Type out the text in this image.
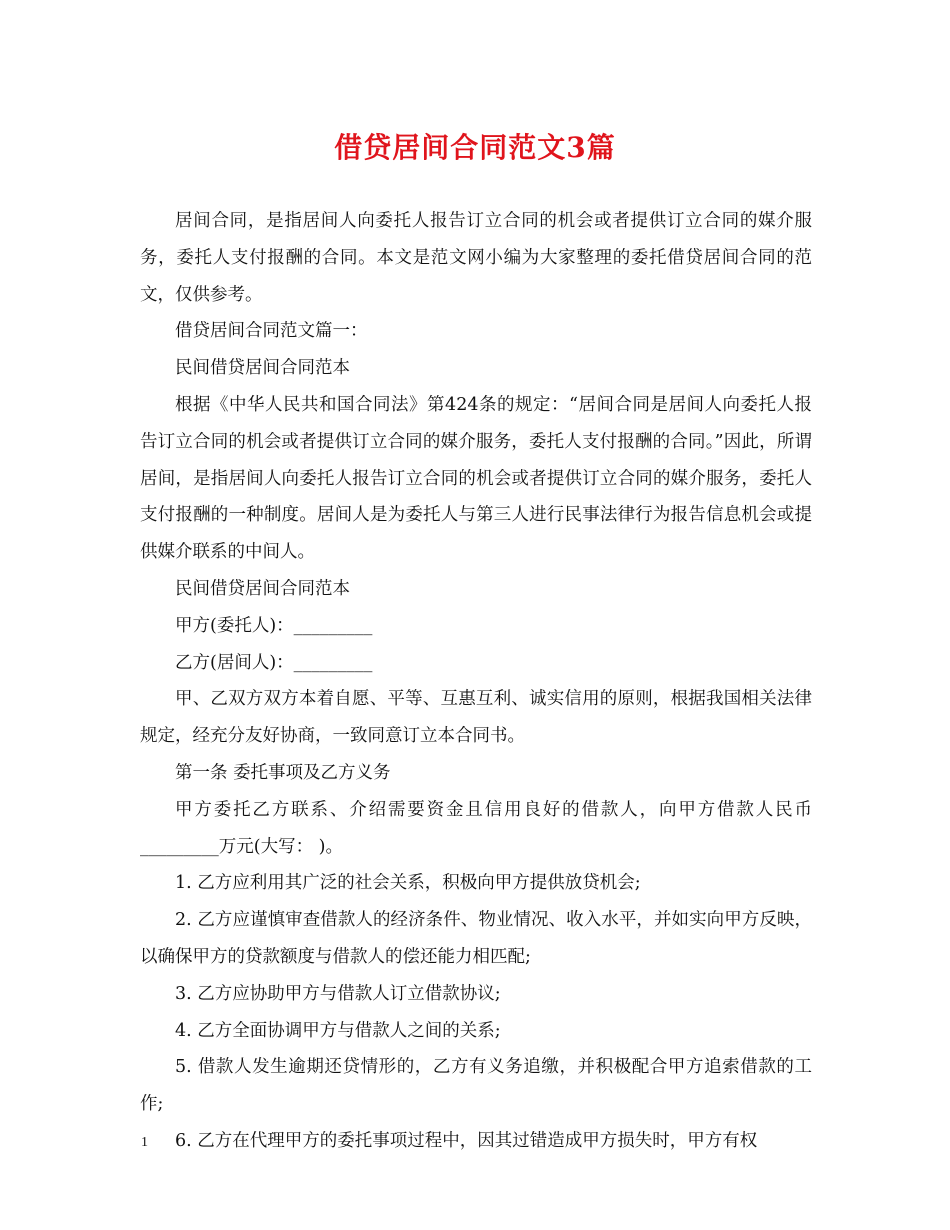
借贷居间合同范文3篇

居间合同，是指居间人向委托人报告订立合同的机会或者提供订立合同的媒介服务，委托人支付报酬的合同。本文是范文网小编为大家整理的委托借贷居间合同的范文，仅供参考。

借贷居间合同范文篇一：

民间借贷居间合同范本

根据《中华人民共和国合同法》第424条的规定：“居间合同是居间人向委托人报告订立合同的机会或者提供订立合同的媒介服务，委托人支付报酬的合同。”因此，所谓居间，是指居间人向委托人报告订立合同的机会或者提供订立合同的媒介服务，委托人支付报酬的一种制度。居间人是为委托人与第三人进行民事法律行为报告信息机会或提供媒介联系的中间人。

民间借贷居间合同范本

甲方(委托人)：_________

乙方(居间人)：_________

甲、乙双方双方本着自愿、平等、互惠互利、诚实信用的原则，根据我国相关法律规定，经充分友好协商，一致同意订立本合同书。

第一条 委托事项及乙方义务

甲方委托乙方联系、介绍需要资金且信用良好的借款人，向甲方借款人民币 _________万元(大写： )。

1. 乙方应利用其广泛的社会关系，积极向甲方提供放贷机会;

2. 乙方应谨慎审查借款人的经济条件、物业情况、收入水平，并如实向甲方反映，以确保甲方的贷款额度与借款人的偿还能力相匹配;

3. 乙方应协助甲方与借款人订立借款协议;

4. 乙方全面协调甲方与借款人之间的关系;

5. 借款人发生逾期还贷情形的，乙方有义务追缴，并积极配合甲方追索借款的工作;

6. 乙方在代理甲方的委托事项过程中，因其过错造成甲方损失时，甲方有权

1
